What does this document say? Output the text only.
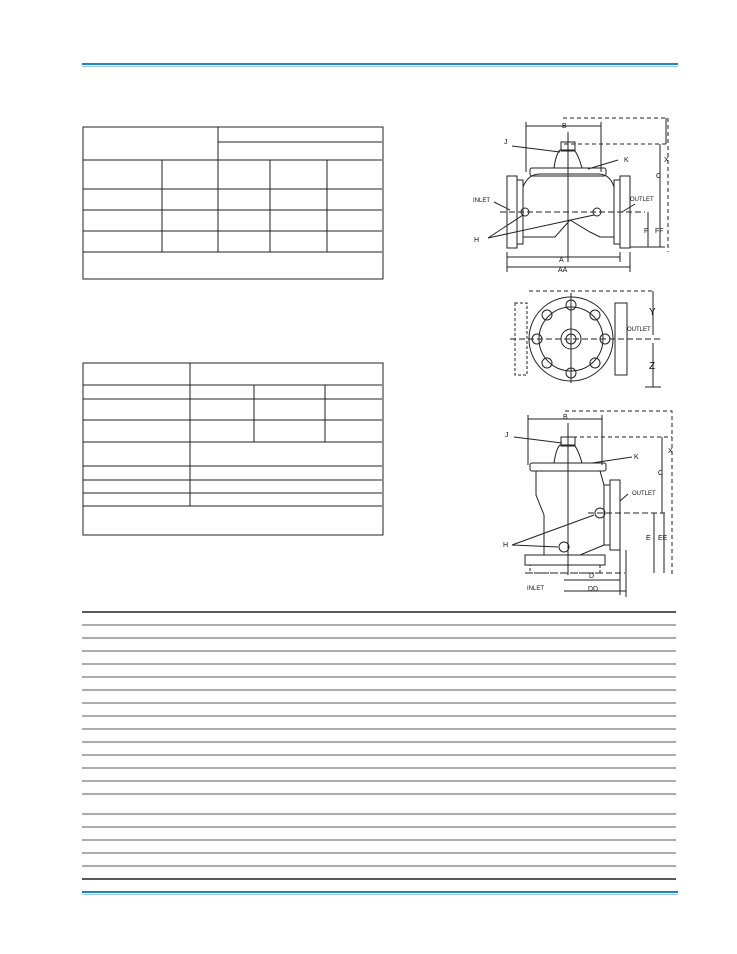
B
J
K	X
C
INLET	OUTLET
F FF
H
A
AA
Y
OUTLET
Z
B
J
K
X
C
OUTLET
E EE
H
D
INLET	DD
